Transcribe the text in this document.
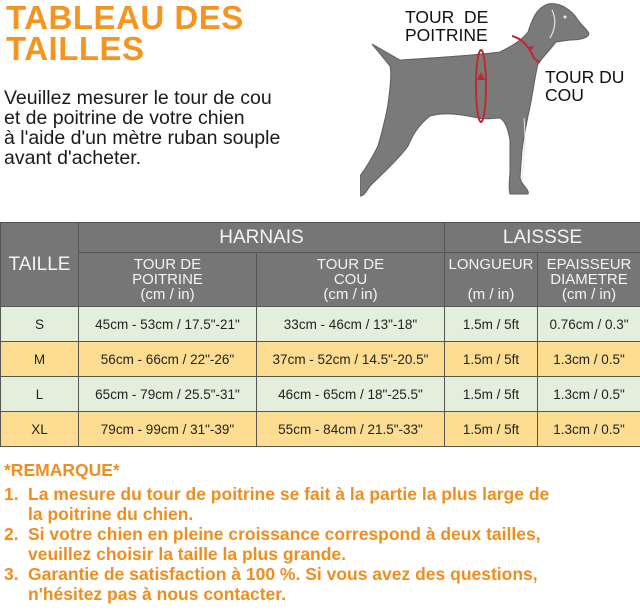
TABLEAU DES
TAILLES
Veuillez mesurer le tour de cou
et de poitrine de votre chien
à l'aide d'un mètre ruban souple
avant d'acheter.
TOUR  DE
POITRINE
TOUR DU
COU
TAILLE	HARNAIS		LAISSSE	

	TOUR DE
POITRINE
(cm / in)	TOUR DE
COU
(cm / in)	LONGUEUR

(m / in)	EPAISSEUR
DIAMETRE
(cm / in)

S	45cm - 53cm / 17.5"-21"	33cm - 46cm / 13"-18"	1.5m / 5ft	0.76cm / 0.3"
M	56cm - 66cm / 22"-26"	37cm - 52cm / 14.5"-20.5"	1.5m / 5ft	1.3cm / 0.5"
L	65cm - 79cm / 25.5"-31"	46cm - 65cm / 18"-25.5"	1.5m / 5ft	1.3cm / 0.5"
XL	79cm - 99cm / 31"-39"	55cm - 84cm / 21.5"-33"	1.5m / 5ft	1.3cm / 0.5"
*REMARQUE*
1. La mesure du tour de poitrine se fait à la partie la plus large de
la poitrine du chien.
2. Si votre chien en pleine croissance correspond à deux tailles,
veuillez choisir la taille la plus grande.
3. Garantie de satisfaction à 100 %. Si vous avez des questions,
n'hésitez pas à nous contacter.
